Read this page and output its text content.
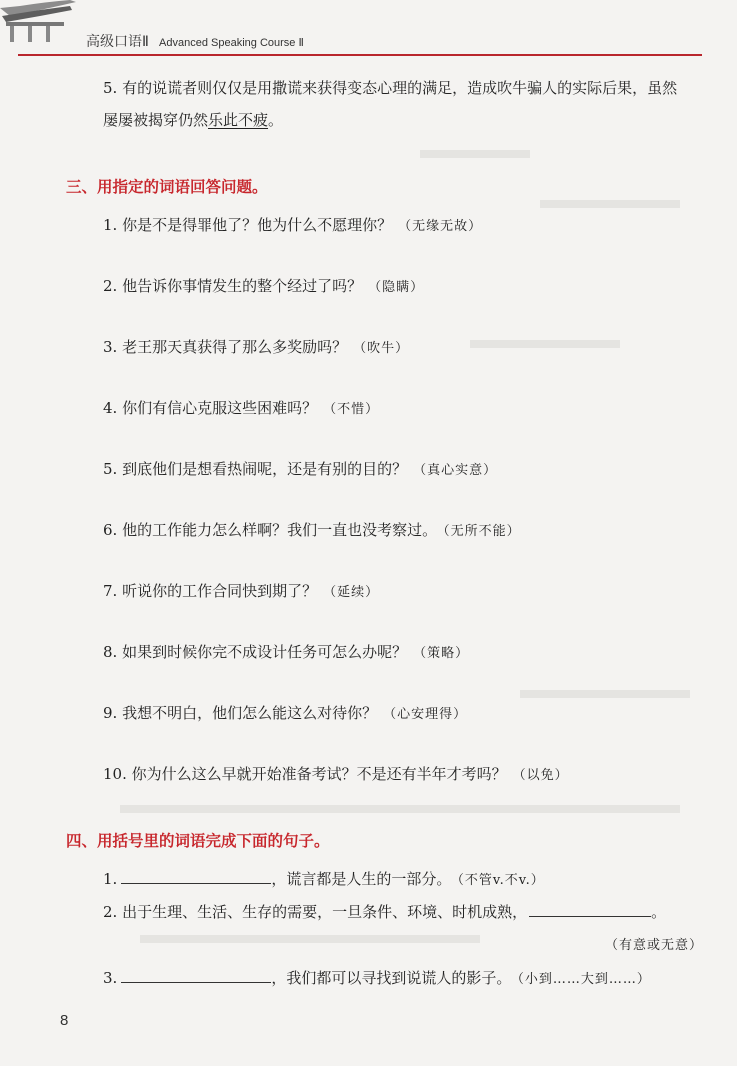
高级口语Ⅱ Advanced Speaking Course Ⅱ
5. 有的说谎者则仅仅是用撒谎来获得变态心理的满足，造成吹牛骗人的实际后果，虽然
屡屡被揭穿仍然乐此不疲。
三、用指定的词语回答问题。
1. 你是不是得罪他了？他为什么不愿理你？ （无缘无故）
2. 他告诉你事情发生的整个经过了吗？ （隐瞒）
3. 老王那天真获得了那么多奖励吗？ （吹牛）
4. 你们有信心克服这些困难吗？ （不惜）
5. 到底他们是想看热闹呢，还是有别的目的？ （真心实意）
6. 他的工作能力怎么样啊？我们一直也没考察过。 （无所不能）
7. 听说你的工作合同快到期了？ （延续）
8. 如果到时候你完不成设计任务可怎么办呢？ （策略）
9. 我想不明白，他们怎么能这么对待你？ （心安理得）
10. 你为什么这么早就开始准备考试？不是还有半年才考吗？ （以免）
四、用括号里的词语完成下面的句子。
1.	，谎言都是人生的一部分。 （不管v.不v.）
2. 出于生理、生活、生存的需要，一旦条件、环境、时机成熟，	。
（有意或无意）
3.	，我们都可以寻找到说谎人的影子。 （小到……大到……）
8
